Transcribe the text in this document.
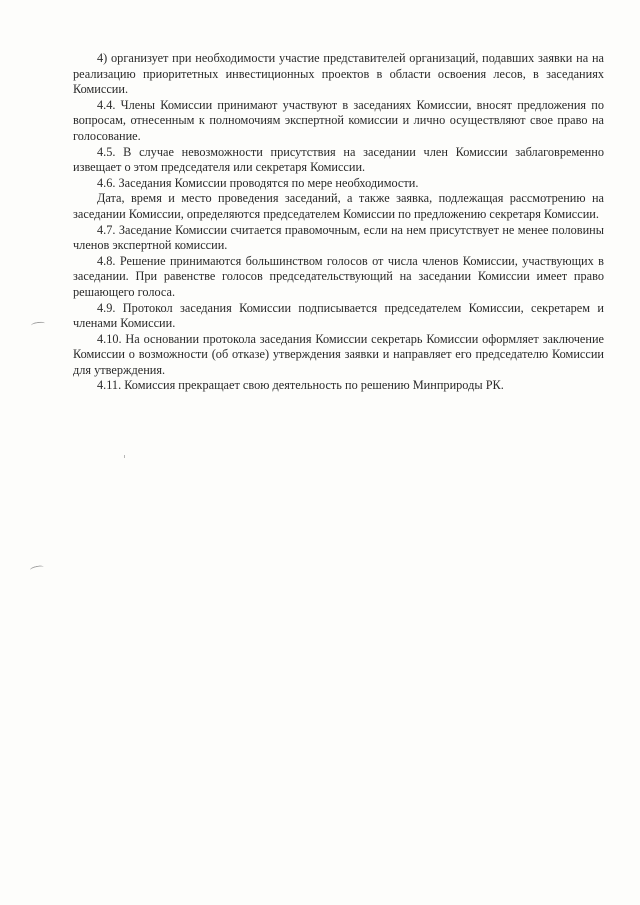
4) организует при необходимости участие представителей организаций, подавших заявки на на реализацию приоритетных инвестиционных проектов в области освоения лесов, в заседаниях Комиссии.

4.4. Члены Комиссии принимают участвуют в заседаниях Комиссии, вносят предложения по вопросам, отнесенным к полномочиям экспертной комиссии и лично осуществляют свое право на голосование.

4.5. В случае невозможности присутствия на заседании член Комиссии заблаговременно извещает о этом председателя или секретаря Комиссии.

4.6. Заседания Комиссии проводятся по мере необходимости.

Дата, время и место проведения заседаний, а также заявка, подлежащая рассмотрению на заседании Комиссии, определяются председателем Комиссии по предложению секретаря Комиссии.

4.7. Заседание Комиссии считается правомочным, если на нем присутствует не менее половины членов экспертной комиссии.

4.8. Решение принимаются большинством голосов от числа членов Комиссии, участвующих в заседании. При равенстве голосов председательствующий на заседании Комиссии имеет право решающего голоса.

4.9. Протокол заседания Комиссии подписывается председателем Комиссии, секретарем и членами Комиссии.

4.10. На основании протокола заседания Комиссии секретарь Комиссии оформляет заключение Комиссии о возможности (об отказе) утверждения заявки и направляет его председателю Комиссии для утверждения.

4.11. Комиссия прекращает свою деятельность по решению Минприроды РК.
